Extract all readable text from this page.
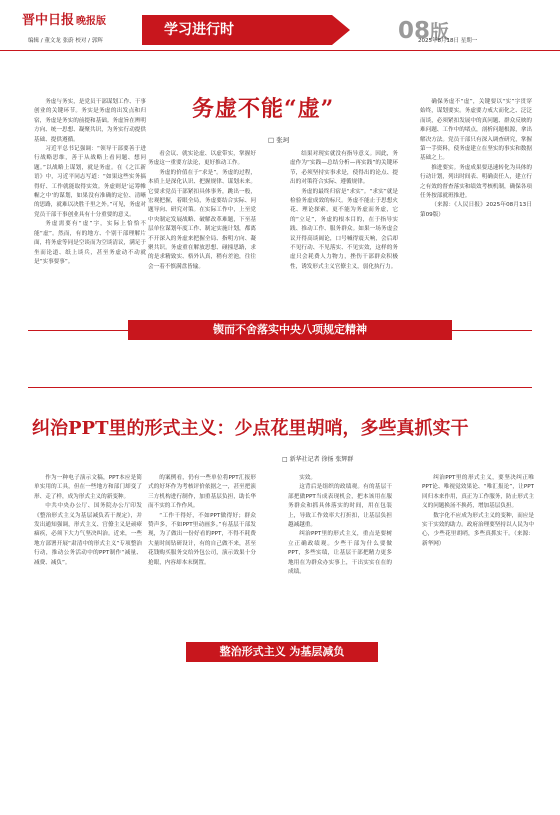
晋中日报 晚报版
学习进行时	08版
编辑 / 董文龙 张蔚 校对 / 郭辉	2025年8月18日 星期一
务虚不能“虚”
□ 张珂

务虚与务实，是党员干部谋划工作、干事创业的关键环节。务实是务虚的出发点和归宿，务虚是务实的前提和基础。务虚旨在辨明方向、统一思想、凝聚共识，为务实行动提供基础、提供遵循。

习近平总书记强调：“领导干部要善于进行战略思维，善于从战略上看问题、想问题。”以战略上谋划，就是务虚。在《之江新语》中，习近平同志写道：“如果这些实务搞得好、工作就能取得实效。务虚则是‘运筹帷幄之中’的谋划，如果没有准确的定位、清晰的思路，就难以决胜千里之外。”可见，务虚对党员干部干事创业具有十分重要的意义。

务虚需要有“虚”字，实际上恰恰不能“虚”。然而，有的地方、个别干部理解片面，将务虚等同是空谈而为空谈清议，满足于坐而论道、纸上谈兵，甚至务虚动不动就是“实事要事”。

看会议、就实论虚、以虚带实，掌握好务虚这一重要方法论，更好推动工作。

务虚的价值在于“求是”。务虚的过程，本质上是深化认识、把握规律、谋划未来。它要求党员干部紧扣具体事务，跳出一般，宏观把握，着眼全局，务虚要结合实际、问题导向、研究对策。在实际工作中，上至党中央制定发展战略、破解改革难题，下至基层单位谋划年度工作、制定实施计划，都离不开深入的务虚来把握全局、指明方向、凝聚共识。务虚重在解放思想、碰撞思路，求的是求精致实、格外认真，稍有差池，往往会一着不慎满盘皆输。

结果对现实就没有指导意义。因此，务虚作为“实践—总结分析—再实践”的关键环节，必须坚持实事求是，使得出的论点、提出的对策符合实际、遵循规律。

务虚的最终归宿是“求实”。“求实”就是检验务虚成效的标尺。务虚不能止于思想火花、理论探索，更不能为务虚而务虚，它的“立足”，务虚的根本目的，在于指导实践、推动工作、服务群众。如果一场务虚会议开得高谈阔论，口号喊得震天响，会后却不见行动、不见落实、不见实效，这样的务虚只会耗费人力物力，挫伤干部群众积极性，诱发形式主义官僚主义，弱化执行力。

确保务虚不“虚”，关键要以“实”字贯穿始终，谋划要实。务虚要力戒大而化之、泛泛而谈，必须紧扣发展中的真问题、群众反映的难问题、工作中的堵点，剖析问题根源，拿出解决方法。党员干部只有深入调查研究，掌握第一手资料，使务虚建立在坚实的事实和数据基础之上。

推进要实。务虚成果要迅速转化为具体的行动计划，列出时间表、明确责任人，建立行之有效的督查落实和绩效考核机制，确保各项任务按部就班推进。

（来源：《人民日报》2025年08月13日 第09版）

锲而不舍落实中央八项规定精神
纠治PPT里的形式主义：少点花里胡哨，多些真抓实干
□ 新华社记者 徐扬 张辉群

作为一种电子演示文稿，PPT本应是简单实用的工具，但在一些地方和部门却变了形、走了样，成为形式主义的新变种。

中共中央办公厅、国务院办公厅印发《整治形式主义为基层减负若干规定》，并发出通知强调，形式主义、官僚主义是顽瘴痼疾，必须下大力气坚决纠治。近来，一些地方部署开展“肃清中的形式主义”专项整治行动，推动公务活动中的PPT制作“减量、减费、减负”。

的案例看，仍有一些单位将PPT汇报形式的好坏作为考核评价依据之一，甚至把演三方机构进行制作，加重基层负担，助长华而不实的工作作风。

“工作干得好，不如PPT做得好；群众赞声多，不如PPT里动画多。”有基层干部发现，为了做出一份好看的PPT，不得不耗费大量时间钻研设计，有的自己做不来，甚至花钱购买服务交给外包公司，演示效果十分抢眼，内容却本末倒置。

实效。

这背后是组织的政绩观。有的基层干部把做PPT当成表现机会，把本该用在服务群众和抓具体落实的时间，用在包装上，导致工作效率大打折扣，让基层负担越减越重。

纠治PPT里的形式主义，重点是要树立正确政绩观。少些干部为什么要做PPT，多些实绩，让基层干部把精力更多地用在为群众办实事上，干出实实在在的成绩。

纠治PPT里的形式主义，要坚决纠正唯PPT论、唯视觉效果论、“唯汇报论”，让PPT回归本来作用，真正为工作服务，防止形式主义的问题换汤不换药，增加基层负担。

数字化不应成为形式主义的变种，而应是实干实效的助力。政府治理要坚持以人民为中心，少些花里胡哨，多些真抓实干。（来源：新华网）

整治形式主义 为基层减负
